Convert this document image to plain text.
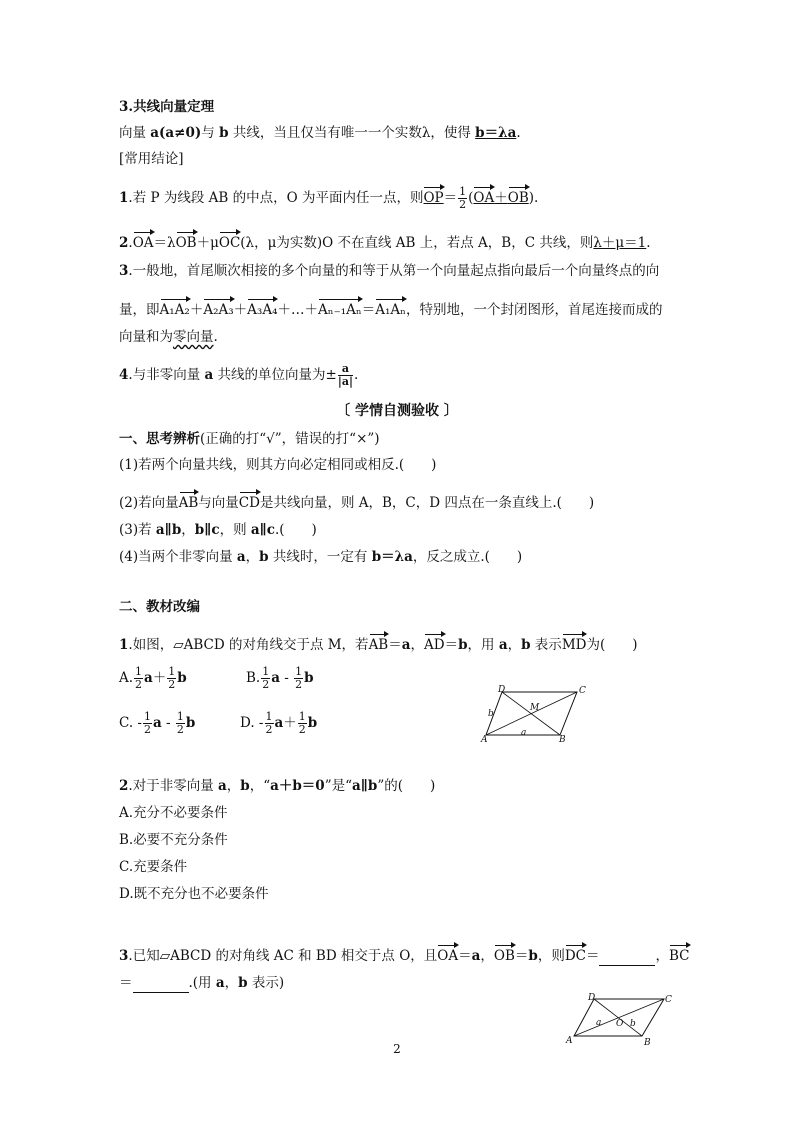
3.共线向量定理
向量 a(a≠0)与 b 共线，当且仅当有唯一一个实数λ，使得 b＝λa.
[常用结论]
1.若 P 为线段 AB 的中点，O 为平面内任一点，则$OP= \frac{1}{2} (OA+OB)$.
2.OA＝λOB＋μOC(λ，μ为实数)O 不在直线 AB 上，若点 A，B，C 共线，则λ＋μ＝1.
3.一般地，首尾顺次相接的多个向量的和等于从第一个向量起点指向最后一个向量终点的向
量，即A₁A₂＋A₂A₃＋A₃A₄＋…＋Aₙ₋₁Aₙ＝A₁Aₙ，特别地，一个封闭图形，首尾连接而成的
向量和为零向量.
4.与非零向量 a 共线的单位向量为± $\frac{a}{|a|}$ .
〔 学情自测验收 〕
一、思考辨析(正确的打“√”，错误的打“×”)
(1)若两个向量共线，则其方向必定相同或相反.(　　)
(2)若向量AB与向量CD是共线向量，则 A，B，C，D 四点在一条直线上.(　　)
(3)若 a∥b，b∥c，则 a∥c.(　　)
(4)当两个非零向量 a，b 共线时，一定有 b＝λa，反之成立.(　　)
二、教材改编
1.如图，▱ABCD 的对角线交于点 M，若AB＝a，AD＝b，用 a，b 表示MD为(　　)
A. $\frac{1}{2} a+ \frac{1}{2}$ b	B. $\frac{1}{2}$ a - $\frac{1}{2}$ b
C. - $\frac{1}{2}$ a - $\frac{1}{2}$ b	D. - $\frac{1}{2} a+ \frac{1}{2}$ b
D	C
M
b
A
a
B
2.对于非零向量 a，b，“a＋b＝0”是“a∥b”的(　　)
A.充分不必要条件
B.必要不充分条件
C.充要条件
D.既不充分也不必要条件
3.已知▱ABCD 的对角线 AC 和 BD 相交于点 O，且OA＝a，OB＝b，则DC＝	，BC
＝	.(用 a，b 表示)
D	C
a O b
A	B
2
